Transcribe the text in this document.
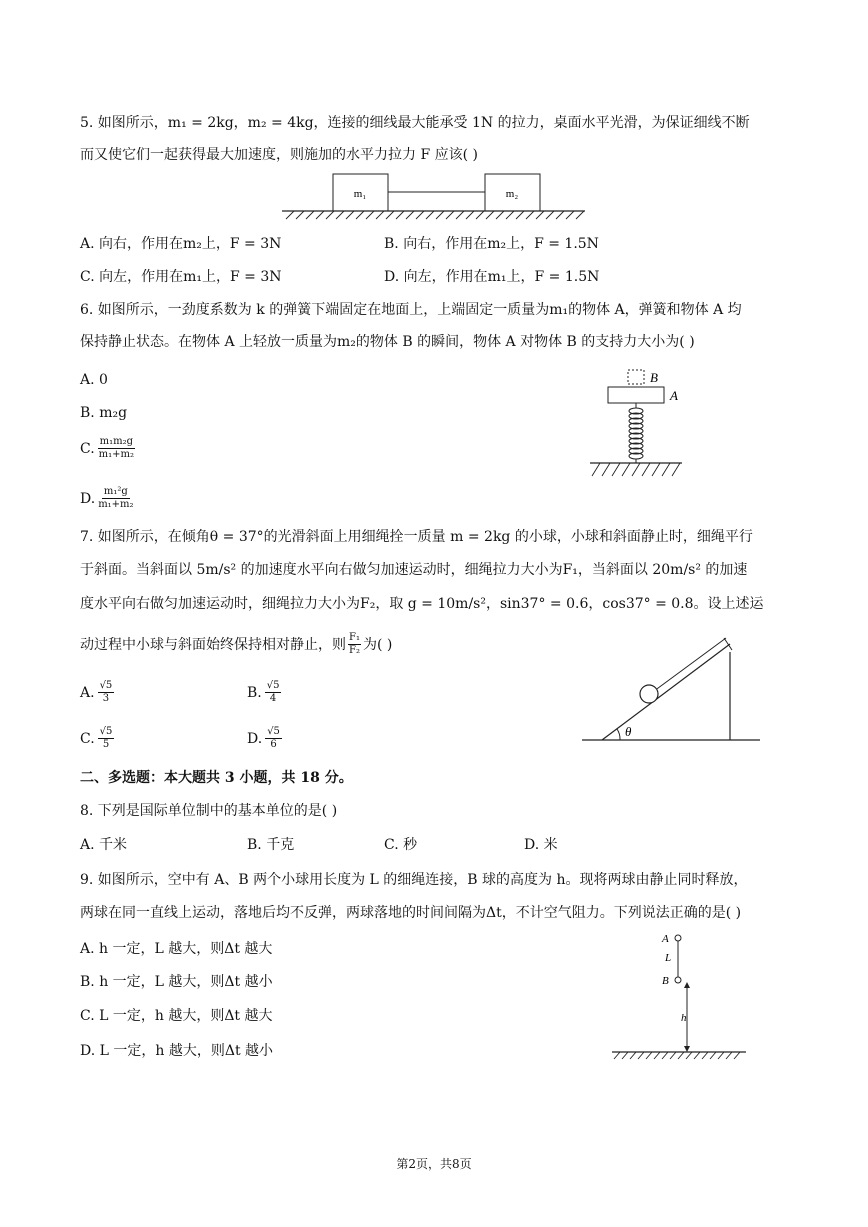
5. 如图所示，m₁ = 2kg，m₂ = 4kg，连接的细线最大能承受 1N 的拉力，桌面水平光滑，为保证细线不断
而又使它们一起获得最大加速度，则施加的水平力拉力 F 应该( )
m₁	m₂
A. 向右，作用在m₂上，F = 3N	B. 向右，作用在m₂上，F = 1.5N
C. 向左，作用在m₁上，F = 3N	D. 向左，作用在m₁上，F = 1.5N
6. 如图所示，一劲度系数为 k 的弹簧下端固定在地面上，上端固定一质量为m₁的物体 A，弹簧和物体 A 均
保持静止状态。在物体 A 上轻放一质量为m₂的物体 B 的瞬间，物体 A 对物体 B 的支持力大小为( )
A. 0
B. m₂g
C. $\frac{\text{m₁m₂g}}{\text{m₁+m₂}}$
D. $\frac{\text{m₁²g}}{\text{m₁+m₂}}$
B
A
7. 如图所示，在倾角θ = 37°的光滑斜面上用细绳拴一质量 m = 2kg 的小球，小球和斜面静止时，细绳平行
于斜面。当斜面以 5m/s² 的加速度水平向右做匀加速运动时，细绳拉力大小为F₁，当斜面以 20m/s² 的加速
度水平向右做匀加速运动时，细绳拉力大小为F₂，取 g = 10m/s²，sin37° = 0.6，cos37° = 0.8。设上述运
动过程中小球与斜面始终保持相对静止，则 $\frac{\text{F₁}}{\text{F₂}}$ 为( )
A. $\frac{√5}{3}$	B. $\frac{√5}{4}$
C. $\frac{√5}{5}$	D. $\frac{√5}{6}$	θ
二、多选题：本大题共 3 小题，共 18 分。
8. 下列是国际单位制中的基本单位的是( )
A. 千米	B. 千克	C. 秒	D. 米
9. 如图所示，空中有 A、B 两个小球用长度为 L 的细绳连接，B 球的高度为 h。现将两球由静止同时释放，
两球在同一直线上运动，落地后均不反弹，两球落地的时间间隔为Δt，不计空气阻力。下列说法正确的是( )
A. h 一定，L 越大，则Δt 越大
B. h 一定，L 越大，则Δt 越小
C. L 一定，h 越大，则Δt 越大
D. L 一定，h 越大，则Δt 越小
A
L
B
h
第2页，共8页
